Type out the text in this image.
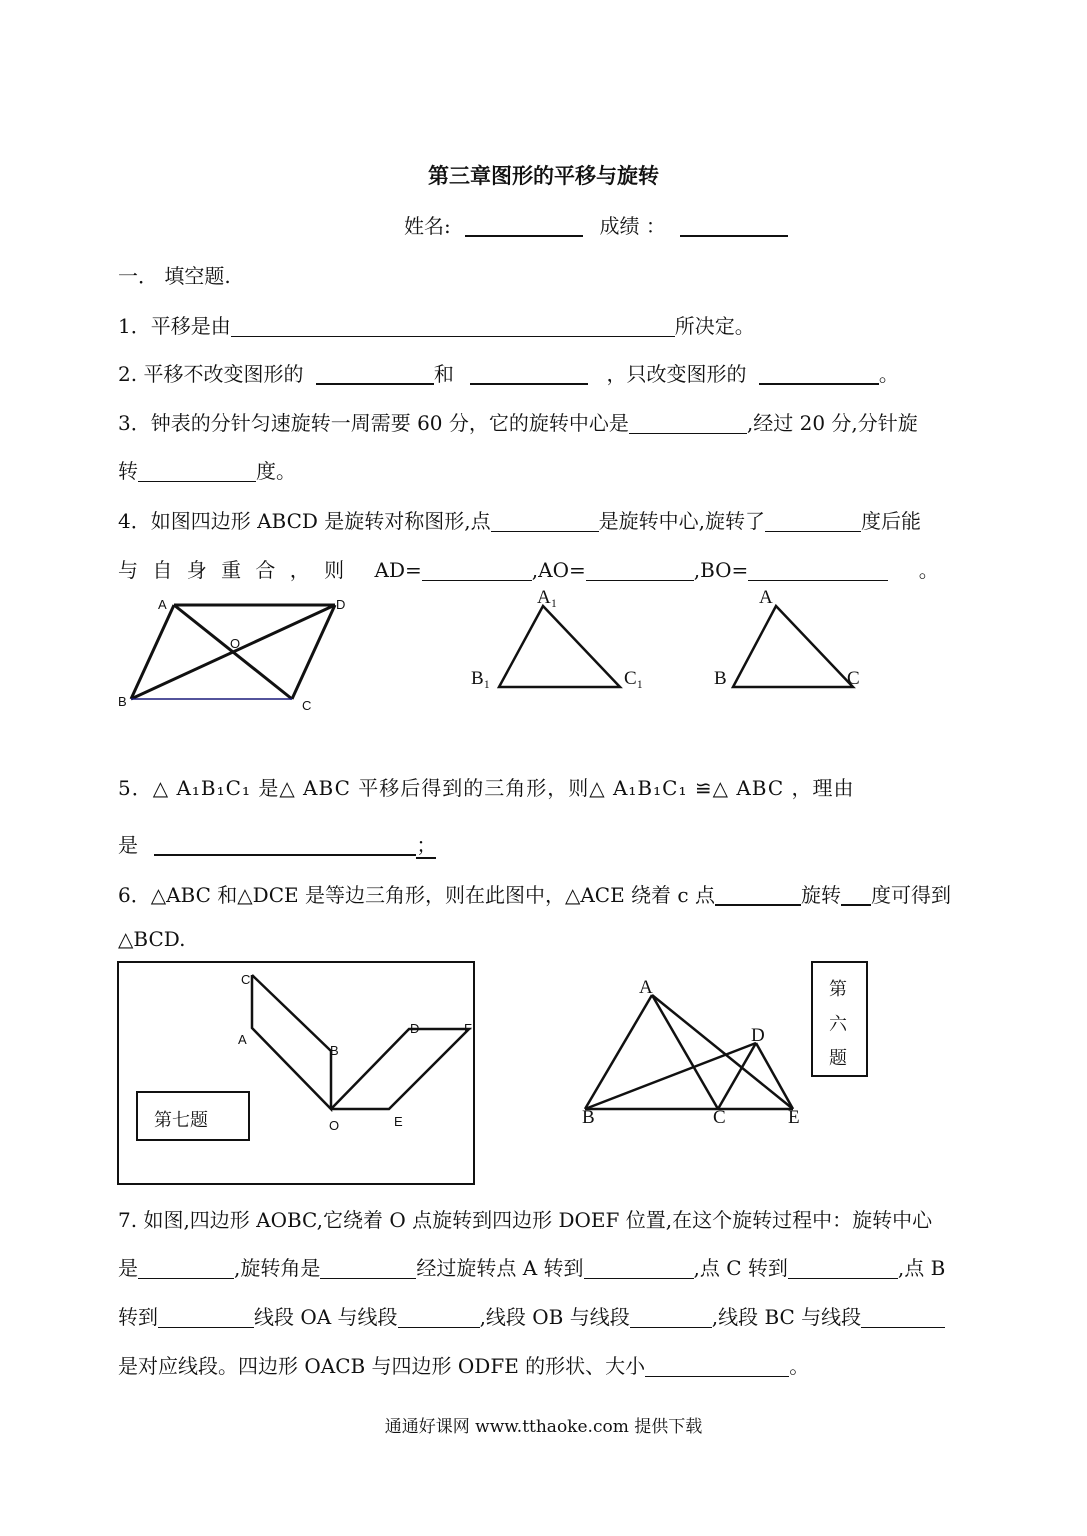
第三章图形的平移与旋转
姓名:	成绩 ：
一． 填空题.
1．平移是由	所决定。
2. 平移不改变图形的	和	，只改变图形的	。
3．钟表的分针匀速旋转一周需要 60 分，它的旋转中心是	,经过 20 分,分针旋
转	度。
4．如图四边形 ABCD 是旋转对称图形,点	是旋转中心,旋转了	度后能
与 自 身 重 合 ， 则 AD=	,AO=	,BO=	。
A	D
O
B	C
A₁
B₁	C₁
A
B	C
5．△ A₁B₁C₁ 是△ ABC 平移后得到的三角形，则△ A₁B₁C₁ ≌△ ABC ，理由
是	；
6．△ABC 和△DCE 是等边三角形，则在此图中，△ACE 绕着 c 点	旋转 度可得到
△BCD.
第七题
C
A
B
D	F
O	E
A
B	C
D
E
第
六
题
7. 如图,四边形 AOBC,它绕着 O 点旋转到四边形 DOEF 位置,在这个旋转过程中：旋转中心
是	,旋转角是	经过旋转点 A 转到	,点 C 转到	,点 B
转到	线段 OA 与线段	,线段 OB 与线段	,线段 BC 与线段
是对应线段。四边形 OACB 与四边形 ODFE 的形状、大小	。
通通好课网 www.tthaoke.com 提供下载
